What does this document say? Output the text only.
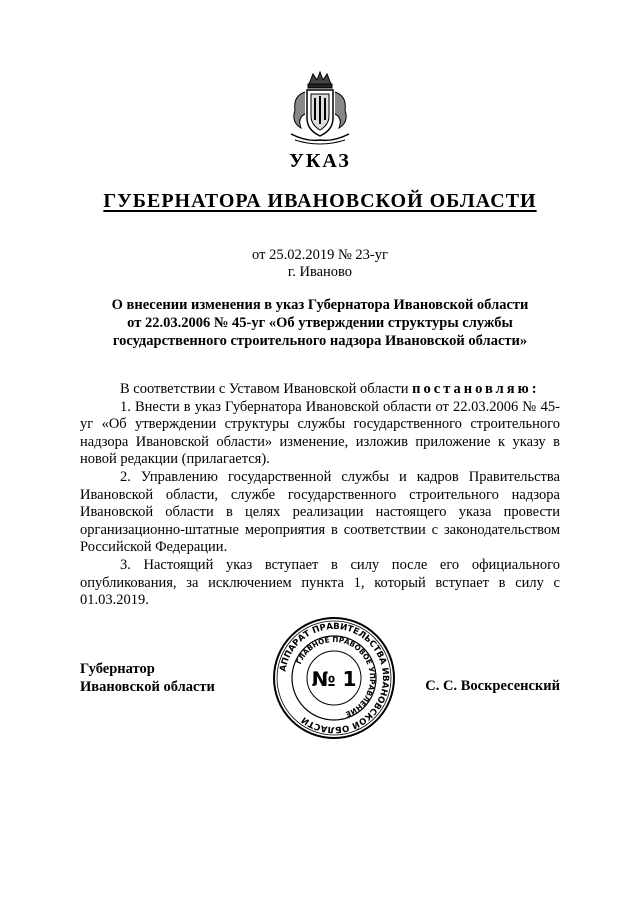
УКАЗ
ГУБЕРНАТОРА ИВАНОВСКОЙ ОБЛАСТИ
от 25.02.2019 № 23-уг
г. Иваново
О внесении изменения в указ Губернатора Ивановской области
от 22.03.2006 № 45-уг «Об утверждении структуры службы
государственного строительного надзора Ивановской области»

В соответствии с Уставом Ивановской области постановляю:

1. Внести в указ Губернатора Ивановской области от 22.03.2006 № 45-уг «Об утверждении структуры службы государственного строительного надзора Ивановской области» изменение, изложив приложение к указу в новой редакции (прилагается).

2. Управлению государственной службы и кадров Правительства Ивановской области, службе государственного строительного надзора Ивановской области в целях реализации настоящего указа провести организационно-штатные мероприятия в соответствии с законодательством Российской Федерации.

3. Настоящий указ вступает в силу после его официального опубликования, за исключением пункта 1, который вступает в силу с 01.03.2019.

Губернатор
Ивановской области	С. С. Воскресенский
АППАРАТ ПРАВИТЕЛЬСТВА ИВАНОВСКОЙ ОБЛАСТИ
ГЛАВНОЕ ПРАВОВОЕ УПРАВЛЕНИЕ
№ 1
